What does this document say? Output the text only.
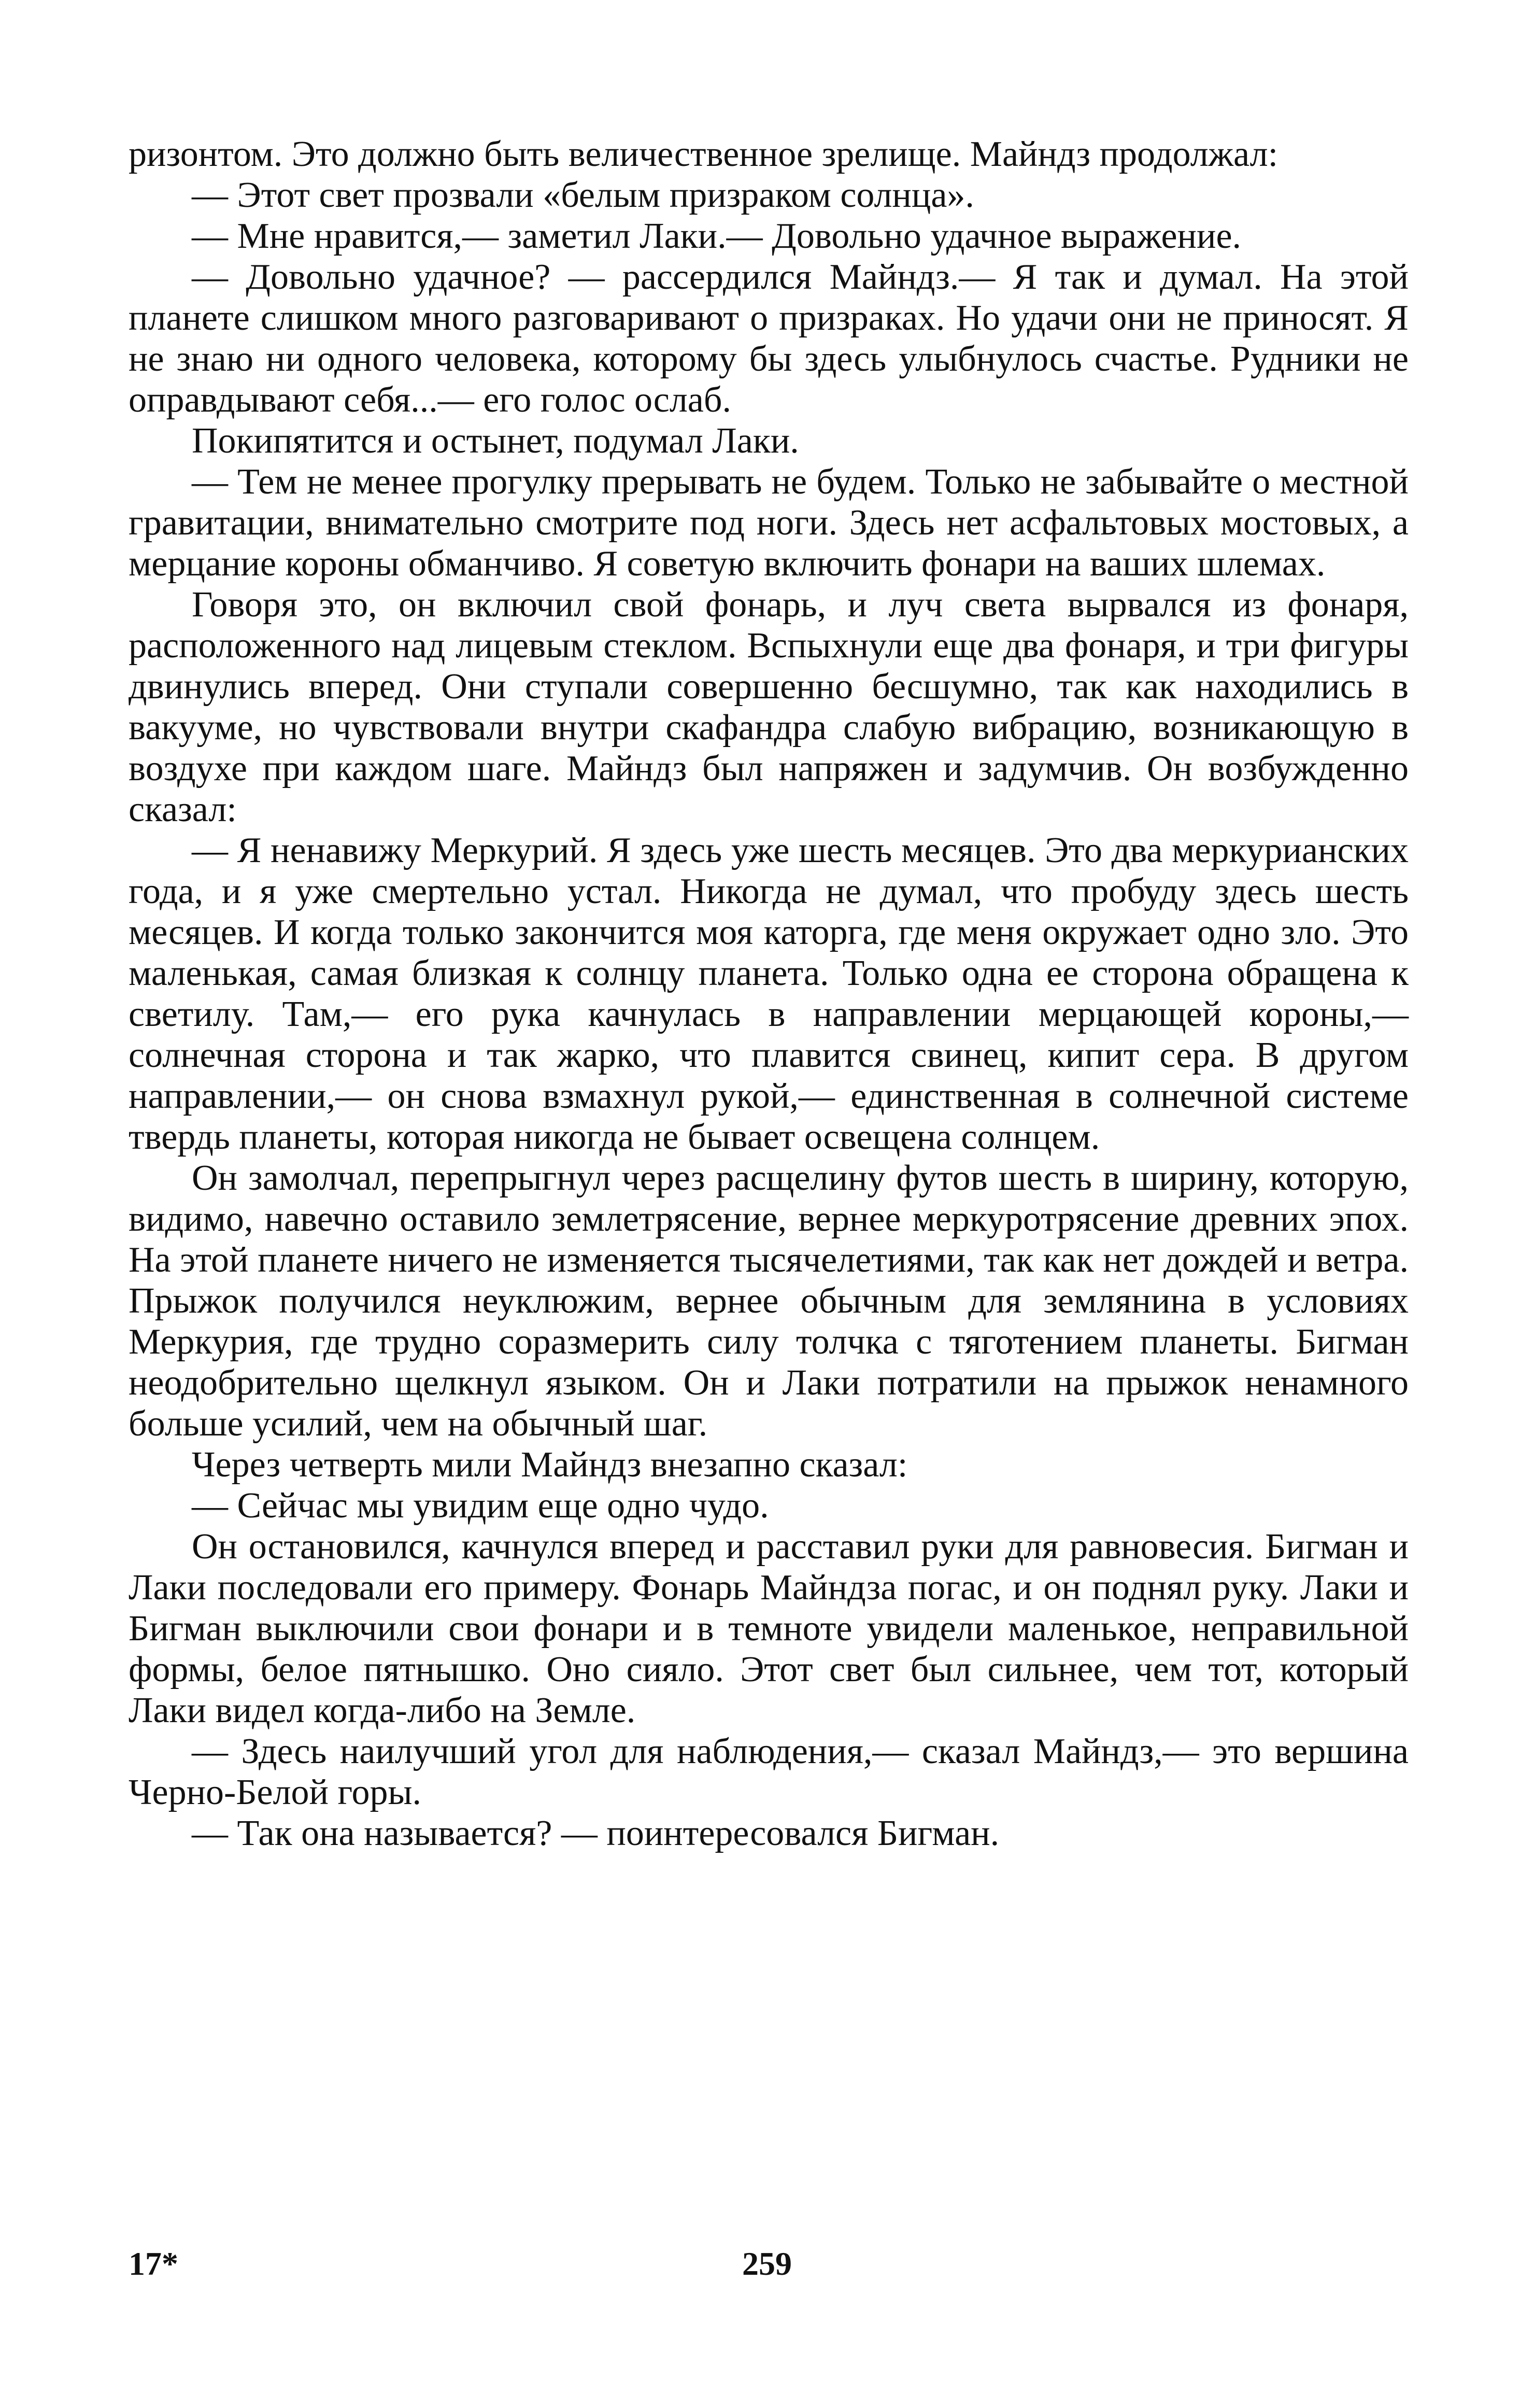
ризонтом. Это должно быть величественное зрелище. Майндз продолжал:

— Этот свет прозвали «белым призраком солнца».

— Мне нравится,— заметил Лаки.— Довольно удачное выражение.

— Довольно удачное? — рассердился Майндз.— Я так и думал. На этой планете слишком много разговаривают о призраках. Но удачи они не приносят. Я не знаю ни одного человека, которому бы здесь улыбнулось счастье. Рудники не оправдывают себя...— его голос ослаб.

Покипятится и остынет, подумал Лаки.

— Тем не менее прогулку прерывать не будем. Только не забывайте о местной гравитации, внимательно смотрите под ноги. Здесь нет асфальтовых мостовых, а мерцание короны обманчиво. Я советую включить фонари на ваших шлемах.

Говоря это, он включил свой фонарь, и луч света вырвался из фонаря, расположенного над лицевым стеклом. Вспыхнули еще два фонаря, и три фигуры двинулись вперед. Они ступали совершенно бесшумно, так как находились в вакууме, но чувствовали внутри скафандра слабую вибрацию, возникающую в воздухе при каждом шаге. Майндз был напряжен и задумчив. Он возбужденно сказал:

— Я ненавижу Меркурий. Я здесь уже шесть месяцев. Это два меркурианских года, и я уже смертельно устал. Никогда не думал, что пробуду здесь шесть месяцев. И когда только закончится моя каторга, где меня окружает одно зло. Это маленькая, самая близкая к солнцу планета. Только одна ее сторона обращена к светилу. Там,— его рука качнулась в направлении мерцающей короны,— солнечная сторона и так жарко, что плавится свинец, кипит сера. В другом направлении,— он снова взмахнул рукой,— единственная в солнечной системе твердь планеты, которая никогда не бывает освещена солнцем.

Он замолчал, перепрыгнул через расщелину футов шесть в ширину, которую, видимо, навечно оставило землетрясение, вернее меркуротрясение древних эпох. На этой планете ничего не изменяется тысячелетиями, так как нет дождей и ветра. Прыжок получился неуклюжим, вернее обычным для землянина в условиях Меркурия, где трудно соразмерить силу толчка с тяготением планеты. Бигман неодобрительно щелкнул языком. Он и Лаки потратили на прыжок ненамного больше усилий, чем на обычный шаг.

Через четверть мили Майндз внезапно сказал:

— Сейчас мы увидим еще одно чудо.

Он остановился, качнулся вперед и расставил руки для равновесия. Бигман и Лаки последовали его примеру. Фонарь Майндза погас, и он поднял руку. Лаки и Бигман выключили свои фонари и в темноте увидели маленькое, неправильной формы, белое пятнышко. Оно сияло. Этот свет был сильнее, чем тот, который Лаки видел когда-либо на Земле.

— Здесь наилучший угол для наблюдения,— сказал Майндз,— это вершина Черно-Белой горы.

— Так она называется? — поинтересовался Бигман.

17*	259
